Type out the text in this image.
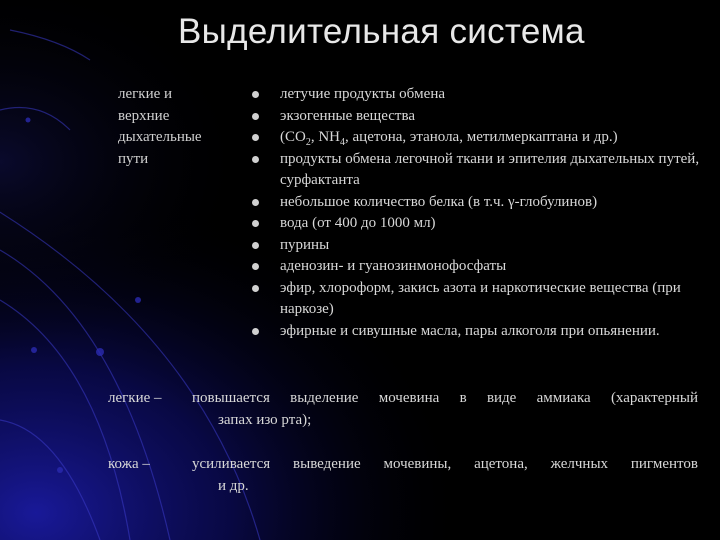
Выделительная система
легкие и
верхние
дыхательные
пути
летучие продукты обмена
экзогенные вещества
($CO_2$, $NH_4$, ацетона, этанола, метилмеркаптана и др.)
продукты обмена легочной ткани и эпителия дыхательных путей, сурфактанта
небольшое количество белка (в т.ч. γ-глобулинов)
вода (от 400 до 1000 мл)
пурины
аденозин- и гуанозинмонофосфаты
эфир, хлороформ, закись азота и наркотические вещества (при наркозе)
эфирные и сивушные масла, пары алкоголя при опьянении.
легкие – повышается выделение мочевина в виде аммиака (характерный
запах изо рта);
кожа –	усиливается выведение мочевины, ацетона, желчных пигментов
и др.
